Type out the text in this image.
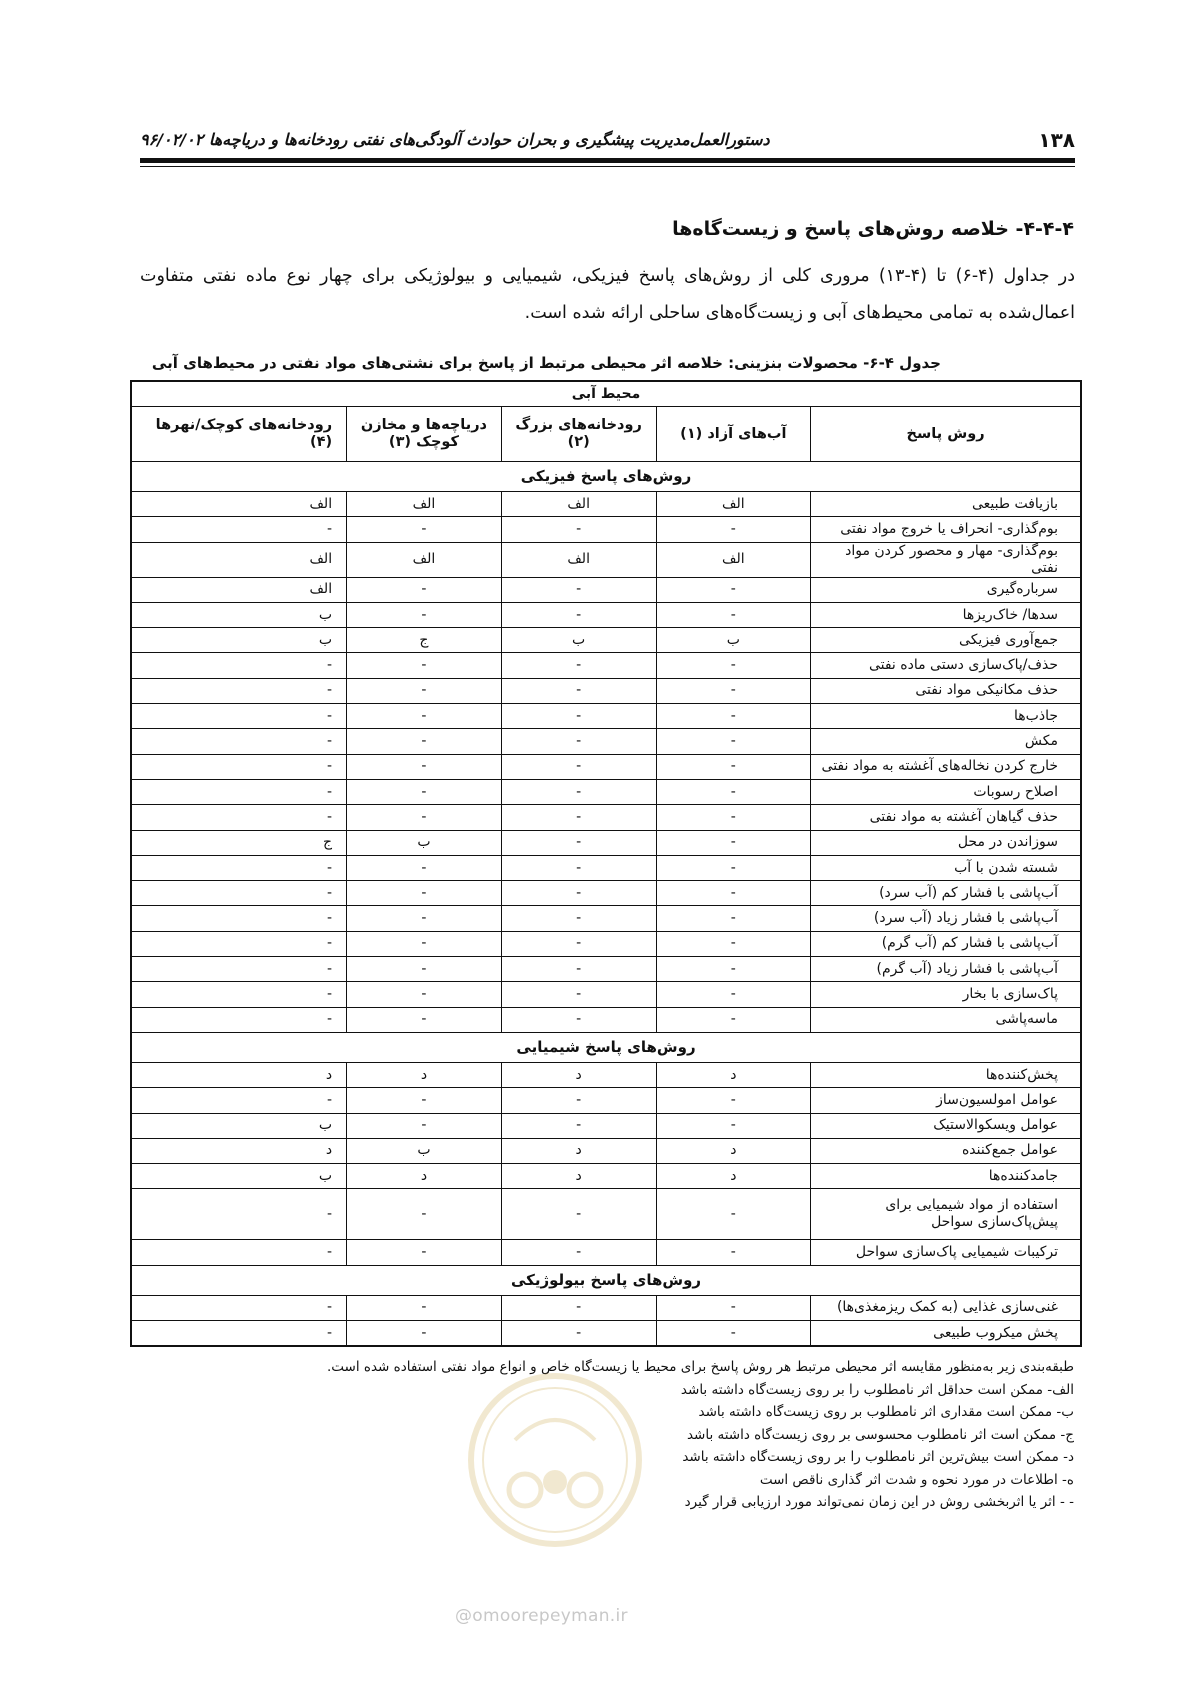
۱۳۸
دستورالعمل‌مدیریت پیشگیری و بحران حوادث آلودگی‌های نفتی رودخانه‌ها و دریاچه‌ها ۹۶/۰۲/۰۲
۴-۴-۴- خلاصه روش‌های پاسخ و زیست‌گاه‌ها
در جداول (۴-۶) تا (۴-۱۳) مروری کلی از روش‌های پاسخ فیزیکی، شیمیایی و بیولوژیکی برای چهار نوع ماده نفتی متفاوت اعمال‌شده به تمامی محیط‌های آبی و زیست‌گاه‌های ساحلی ارائه شده است.
جدول ۴-۶- محصولات بنزینی: خلاصه اثر محیطی مرتبط از پاسخ برای نشتی‌های مواد نفتی در محیط‌های آبی
محیط آبی				
روش پاسخ	آب‌های آزاد (۱)	رودخانه‌های بزرگ (۲)	دریاچه‌ها و مخازن کوچک (۳)	رودخانه‌های کوچک/نهرها (۴)
روش‌های پاسخ فیزیکی				
بازیافت طبیعی	الف	الف	الف	الف
بوم‌گذاری- انحراف یا خروج مواد نفتی	-	-	-	-
بوم‌گذاری- مهار و محصور کردن مواد نفتی	الف	الف	الف	الف
سرباره‌گیری	-	-	-	الف
سدها/ خاک‌ریزها	-	-	-	ب
جمع‌آوری فیزیکی	ب	ب	ج	ب
حذف/پاک‌سازی دستی ماده نفتی	-	-	-	-
حذف مکانیکی مواد نفتی	-	-	-	-
جاذب‌ها	-	-	-	-
مکش	-	-	-	-
خارج کردن نخاله‌های آغشته به مواد نفتی	-	-	-	-
اصلاح رسوبات	-	-	-	-
حذف گیاهان آغشته به مواد نفتی	-	-	-	-
سوزاندن در محل	-	-	ب	ج
شسته شدن با آب	-	-	-	-
آب‌پاشی با فشار کم (آب سرد)	-	-	-	-
آب‌پاشی با فشار زیاد (آب سرد)	-	-	-	-
آب‌پاشی با فشار کم (آب گرم)	-	-	-	-
آب‌پاشی با فشار زیاد (آب گرم)	-	-	-	-
پاک‌سازی با بخار	-	-	-	-
ماسه‌پاشی	-	-	-	-
روش‌های پاسخ شیمیایی				
پخش‌کننده‌ها	د	د	د	د
عوامل امولسیون‌ساز	-	-	-	-
عوامل ویسکوالاستیک	-	-	-	ب
عوامل جمع‌کننده	د	د	ب	د
جامدکننده‌ها	د	د	د	ب
استفاده از مواد شیمیایی برای پیش‌پاک‌سازی سواحل	-	-	-	-
ترکیبات شیمیایی پاک‌سازی سواحل	-	-	-	-
روش‌های پاسخ بیولوژیکی				
غنی‌سازی غذایی (به کمک ریزمغذی‌ها)	-	-	-	-
پخش میکروب طبیعی	-	-	-	-
طبقه‌بندی زیر به‌منظور مقایسه اثر محیطی مرتبط هر روش پاسخ برای محیط یا زیست‌گاه خاص و انواع مواد نفتی استفاده شده است.
الف- ممکن است حداقل اثر نامطلوب را بر روی زیست‌گاه داشته باشد
ب- ممکن است مقداری اثر نامطلوب بر روی زیست‌گاه داشته باشد
ج- ممکن است اثر نامطلوب محسوسی بر روی زیست‌گاه داشته باشد
د- ممکن است بیش‌ترین اثر نامطلوب را بر روی زیست‌گاه داشته باشد
ه- اطلاعات در مورد نحوه و شدت اثر گذاری ناقص است
- - اثر یا اثربخشی روش در این زمان نمی‌تواند مورد ارزیابی قرار گیرد
@omoorepeyman.ir
